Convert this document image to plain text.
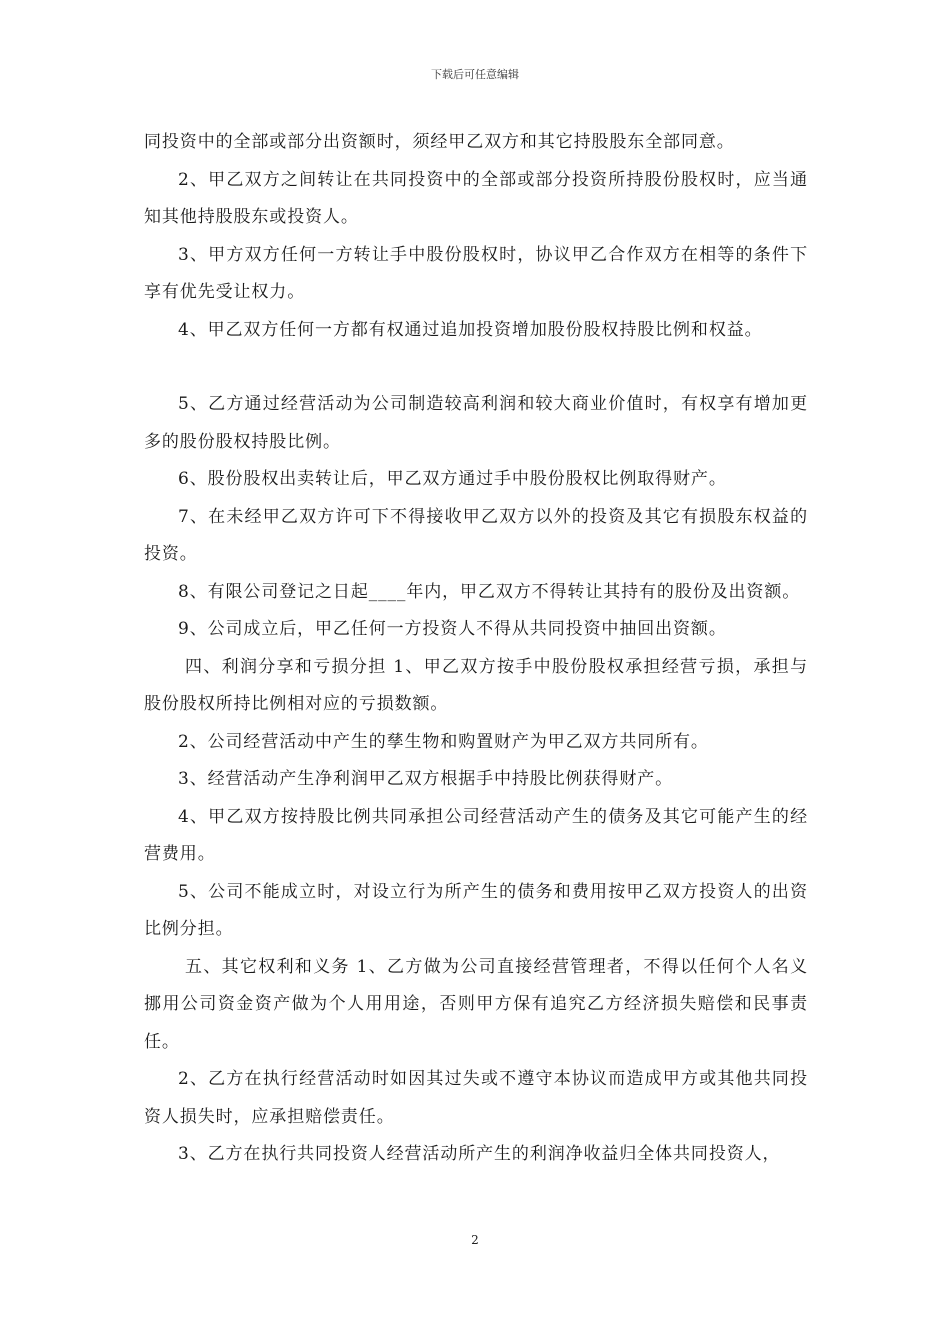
下载后可任意编辑

同投资中的全部或部分出资额时，须经甲乙双方和其它持股股东全部同意。

2、甲乙双方之间转让在共同投资中的全部或部分投资所持股份股权时，应当通知其他持股股东或投资人。

3、甲方双方任何一方转让手中股份股权时，协议甲乙合作双方在相等的条件下享有优先受让权力。

4、甲乙双方任何一方都有权通过追加投资增加股份股权持股比例和权益。

5、乙方通过经营活动为公司制造较高利润和较大商业价值时，有权享有增加更多的股份股权持股比例。

6、股份股权出卖转让后，甲乙双方通过手中股份股权比例取得财产。

7、在未经甲乙双方许可下不得接收甲乙双方以外的投资及其它有损股东权益的投资。

8、有限公司登记之日起____年内，甲乙双方不得转让其持有的股份及出资额。

9、公司成立后，甲乙任何一方投资人不得从共同投资中抽回出资额。

四、利润分享和亏损分担 1、甲乙双方按手中股份股权承担经营亏损，承担与股份股权所持比例相对应的亏损数额。

2、公司经营活动中产生的孳生物和购置财产为甲乙双方共同所有。

3、经营活动产生净利润甲乙双方根据手中持股比例获得财产。

4、甲乙双方按持股比例共同承担公司经营活动产生的债务及其它可能产生的经营费用。

5、公司不能成立时，对设立行为所产生的债务和费用按甲乙双方投资人的出资比例分担。

五、其它权利和义务 1、乙方做为公司直接经营管理者，不得以任何个人名义挪用公司资金资产做为个人用用途，否则甲方保有追究乙方经济损失赔偿和民事责任。

2、乙方在执行经营活动时如因其过失或不遵守本协议而造成甲方或其他共同投资人损失时，应承担赔偿责任。

3、乙方在执行共同投资人经营活动所产生的利润净收益归全体共同投资人，

2
